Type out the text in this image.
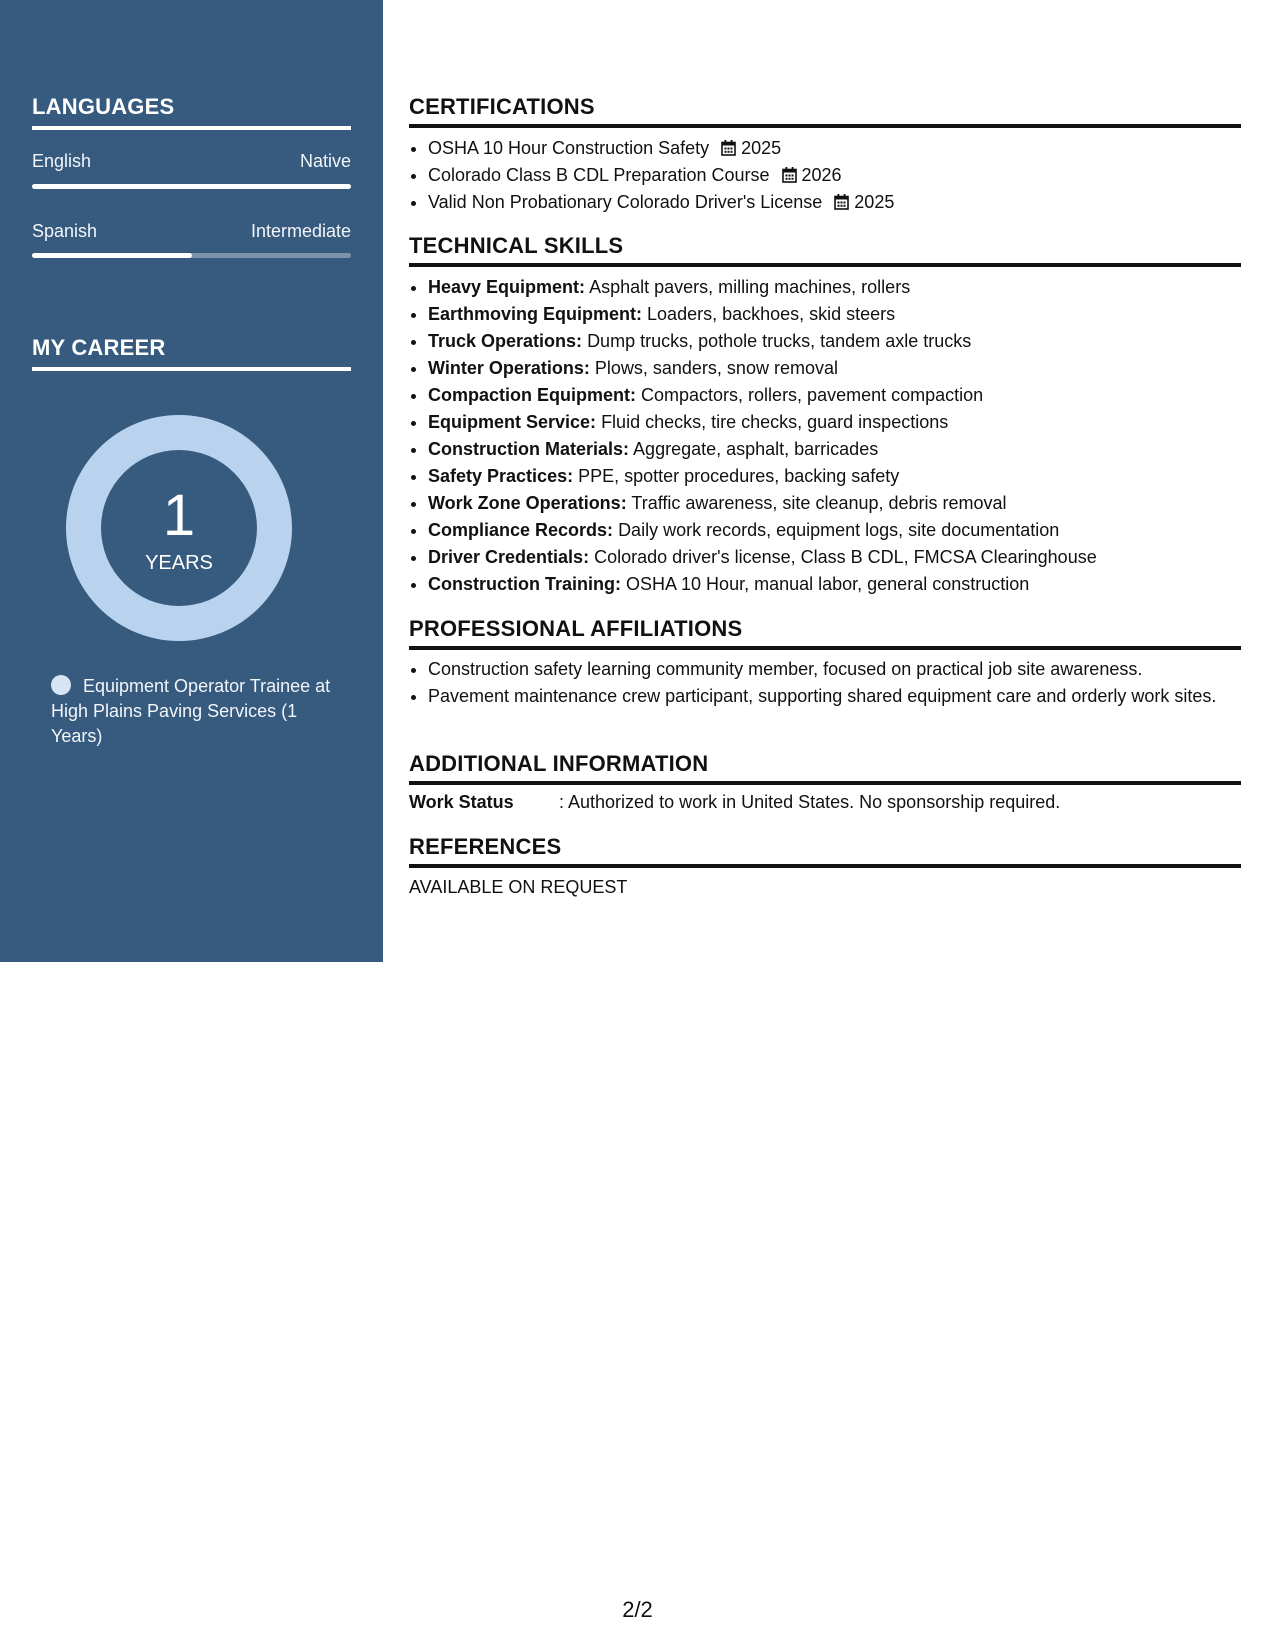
LANGUAGES
English	Native
Spanish	Intermediate
MY CAREER
1
YEARS
Equipment Operator Trainee at High Plains Paving Services (1 Years)
CERTIFICATIONS
• OSHA 10 Hour Construction Safety 2025
• Colorado Class B CDL Preparation Course 2026
• Valid Non Probationary Colorado Driver's License 2025
TECHNICAL SKILLS
• Heavy Equipment: Asphalt pavers, milling machines, rollers
• Earthmoving Equipment: Loaders, backhoes, skid steers
• Truck Operations: Dump trucks, pothole trucks, tandem axle trucks
• Winter Operations: Plows, sanders, snow removal
• Compaction Equipment: Compactors, rollers, pavement compaction
• Equipment Service: Fluid checks, tire checks, guard inspections
• Construction Materials: Aggregate, asphalt, barricades
• Safety Practices: PPE, spotter procedures, backing safety
• Work Zone Operations: Traffic awareness, site cleanup, debris removal
• Compliance Records: Daily work records, equipment logs, site documentation
• Driver Credentials: Colorado driver's license, Class B CDL, FMCSA Clearinghouse
• Construction Training: OSHA 10 Hour, manual labor, general construction
PROFESSIONAL AFFILIATIONS
• Construction safety learning community member, focused on practical job site awareness.
• Pavement maintenance crew participant, supporting shared equipment care and orderly work sites.
ADDITIONAL INFORMATION
Work Status	: Authorized to work in United States. No sponsorship required.
REFERENCES
AVAILABLE ON REQUEST
2/2
